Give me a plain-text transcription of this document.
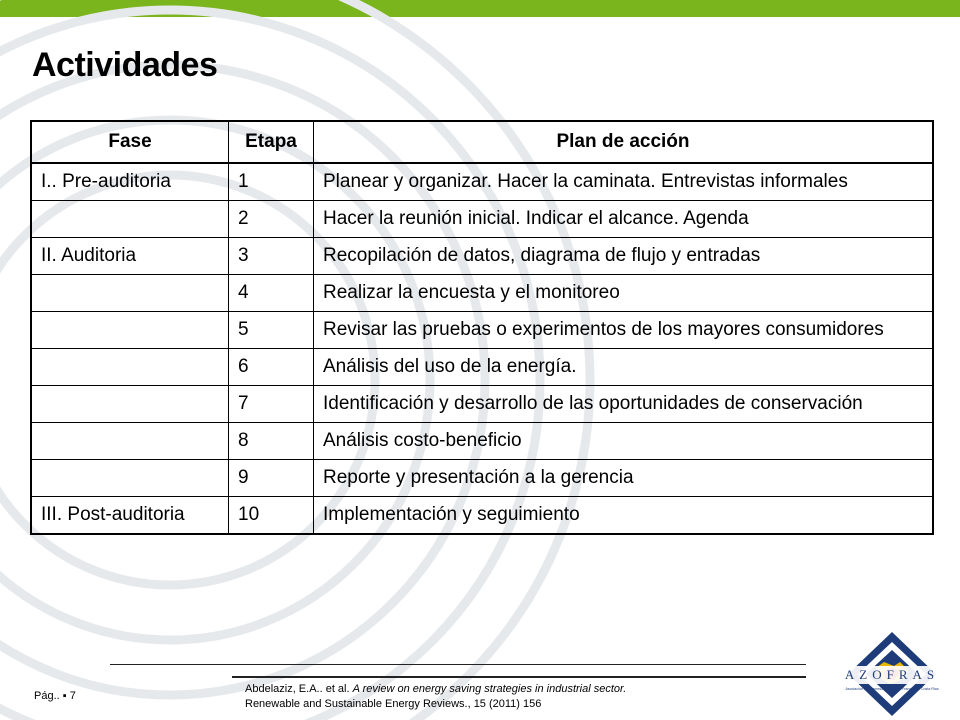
Actividades
Fase	Etapa	Plan de acción
I.. Pre-auditoria	1	Planear y organizar. Hacer la caminata. Entrevistas informales
	2	Hacer la reunión inicial. Indicar el alcance. Agenda
II. Auditoria	3	Recopilación de datos, diagrama de flujo y entradas
	4	Realizar la encuesta y el monitoreo
	5	Revisar las pruebas o experimentos de los mayores consumidores
	6	Análisis del uso de la energía.
	7	Identificación y desarrollo de las oportunidades de conservación
	8	Análisis costo-beneficio
	9	Reporte y presentación a la gerencia
III. Post-auditoria	10	Implementación y seguimiento
Pág.. ▪ 7
Abdelaziz, E.A.. et al. A review on energy saving strategies in industrial sector.
Renewable and Sustainable Energy Reviews., 15 (2011) 156
AZOFRAS
Asociación de Empresas de Zonas Francas de Costa Rica
